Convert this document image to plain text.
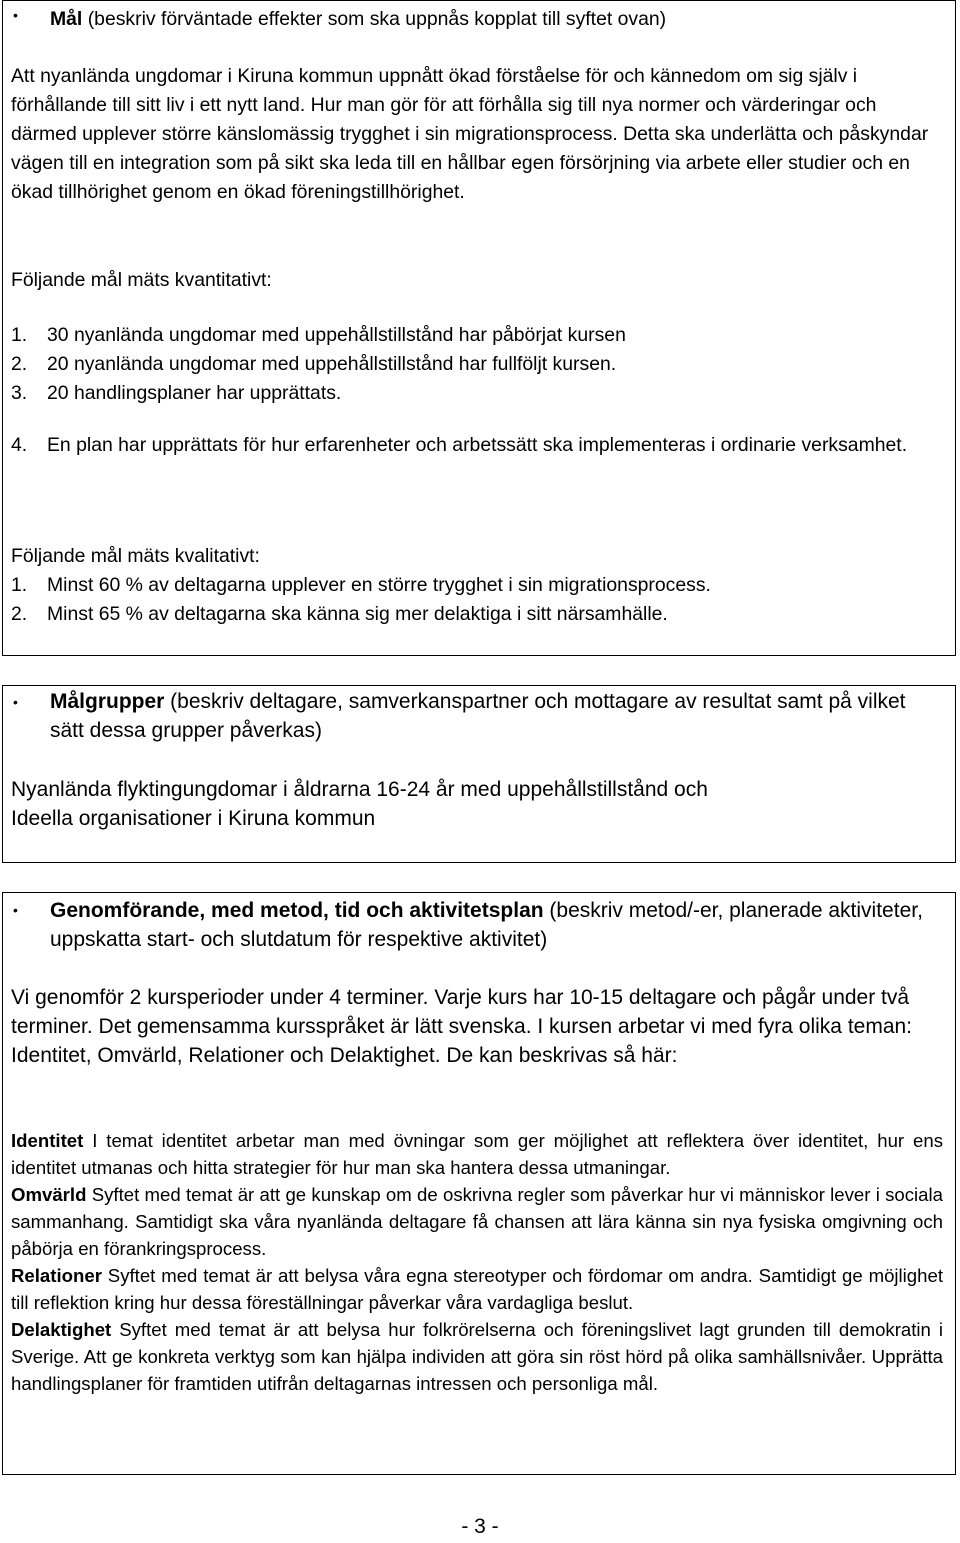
• Mål (beskriv förväntade effekter som ska uppnås kopplat till syftet ovan)
Att nyanlända ungdomar i Kiruna kommun uppnått ökad förståelse för och kännedom om sig själv i förhållande till sitt liv i ett nytt land. Hur man gör för att förhålla sig till nya normer och värderingar och därmed upplever större känslomässig trygghet i sin migrationsprocess. Detta ska underlätta och påskyndar vägen till en integration som på sikt ska leda till en hållbar egen försörjning via arbete eller studier och en ökad tillhörighet genom en ökad föreningstillhörighet.
Följande mål mäts kvantitativt:
1.	30 nyanlända ungdomar med uppehållstillstånd har påbörjat kursen
2.	20 nyanlända ungdomar med uppehållstillstånd har fullföljt kursen.
3.	20 handlingsplaner har upprättats.
4.	En plan har upprättats för hur erfarenheter och arbetssätt ska implementeras i ordinarie verksamhet.
Följande mål mäts kvalitativt:
1.	Minst 60 % av deltagarna upplever en större trygghet i sin migrationsprocess.
2.	Minst 65 % av deltagarna ska känna sig mer delaktiga i sitt närsamhälle.
• Målgrupper (beskriv deltagare, samverkanspartner och mottagare av resultat samt på vilket sätt dessa grupper påverkas)
Nyanlända flyktingungdomar i åldrarna 16-24 år med uppehållstillstånd och
Ideella organisationer i Kiruna kommun
• Genomförande, med metod, tid och aktivitetsplan (beskriv metod/-er, planerade aktiviteter, uppskatta start- och slutdatum för respektive aktivitet)
Vi genomför 2 kursperioder under 4 terminer. Varje kurs har 10-15 deltagare och pågår under två terminer. Det gemensamma kursspråket är lätt svenska. I kursen arbetar vi med fyra olika teman: Identitet, Omvärld, Relationer och Delaktighet. De kan beskrivas så här:
Identitet I temat identitet arbetar man med övningar som ger möjlighet att reflektera över identitet, hur ens identitet utmanas och hitta strategier för hur man ska hantera dessa utmaningar.
Omvärld Syftet med temat är att ge kunskap om de oskrivna regler som påverkar hur vi människor lever i sociala sammanhang. Samtidigt ska våra nyanlända deltagare få chansen att lära känna sin nya fysiska omgivning och påbörja en förankringsprocess.
Relationer Syftet med temat är att belysa våra egna stereotyper och fördomar om andra. Samtidigt ge möjlighet till reflektion kring hur dessa föreställningar påverkar våra vardagliga beslut.
Delaktighet Syftet med temat är att belysa hur folkrörelserna och föreningslivet lagt grunden till demokratin i Sverige. Att ge konkreta verktyg som kan hjälpa individen att göra sin röst hörd på olika samhällsnivåer. Upprätta handlingsplaner för framtiden utifrån deltagarnas intressen och personliga mål.
- 3 -
